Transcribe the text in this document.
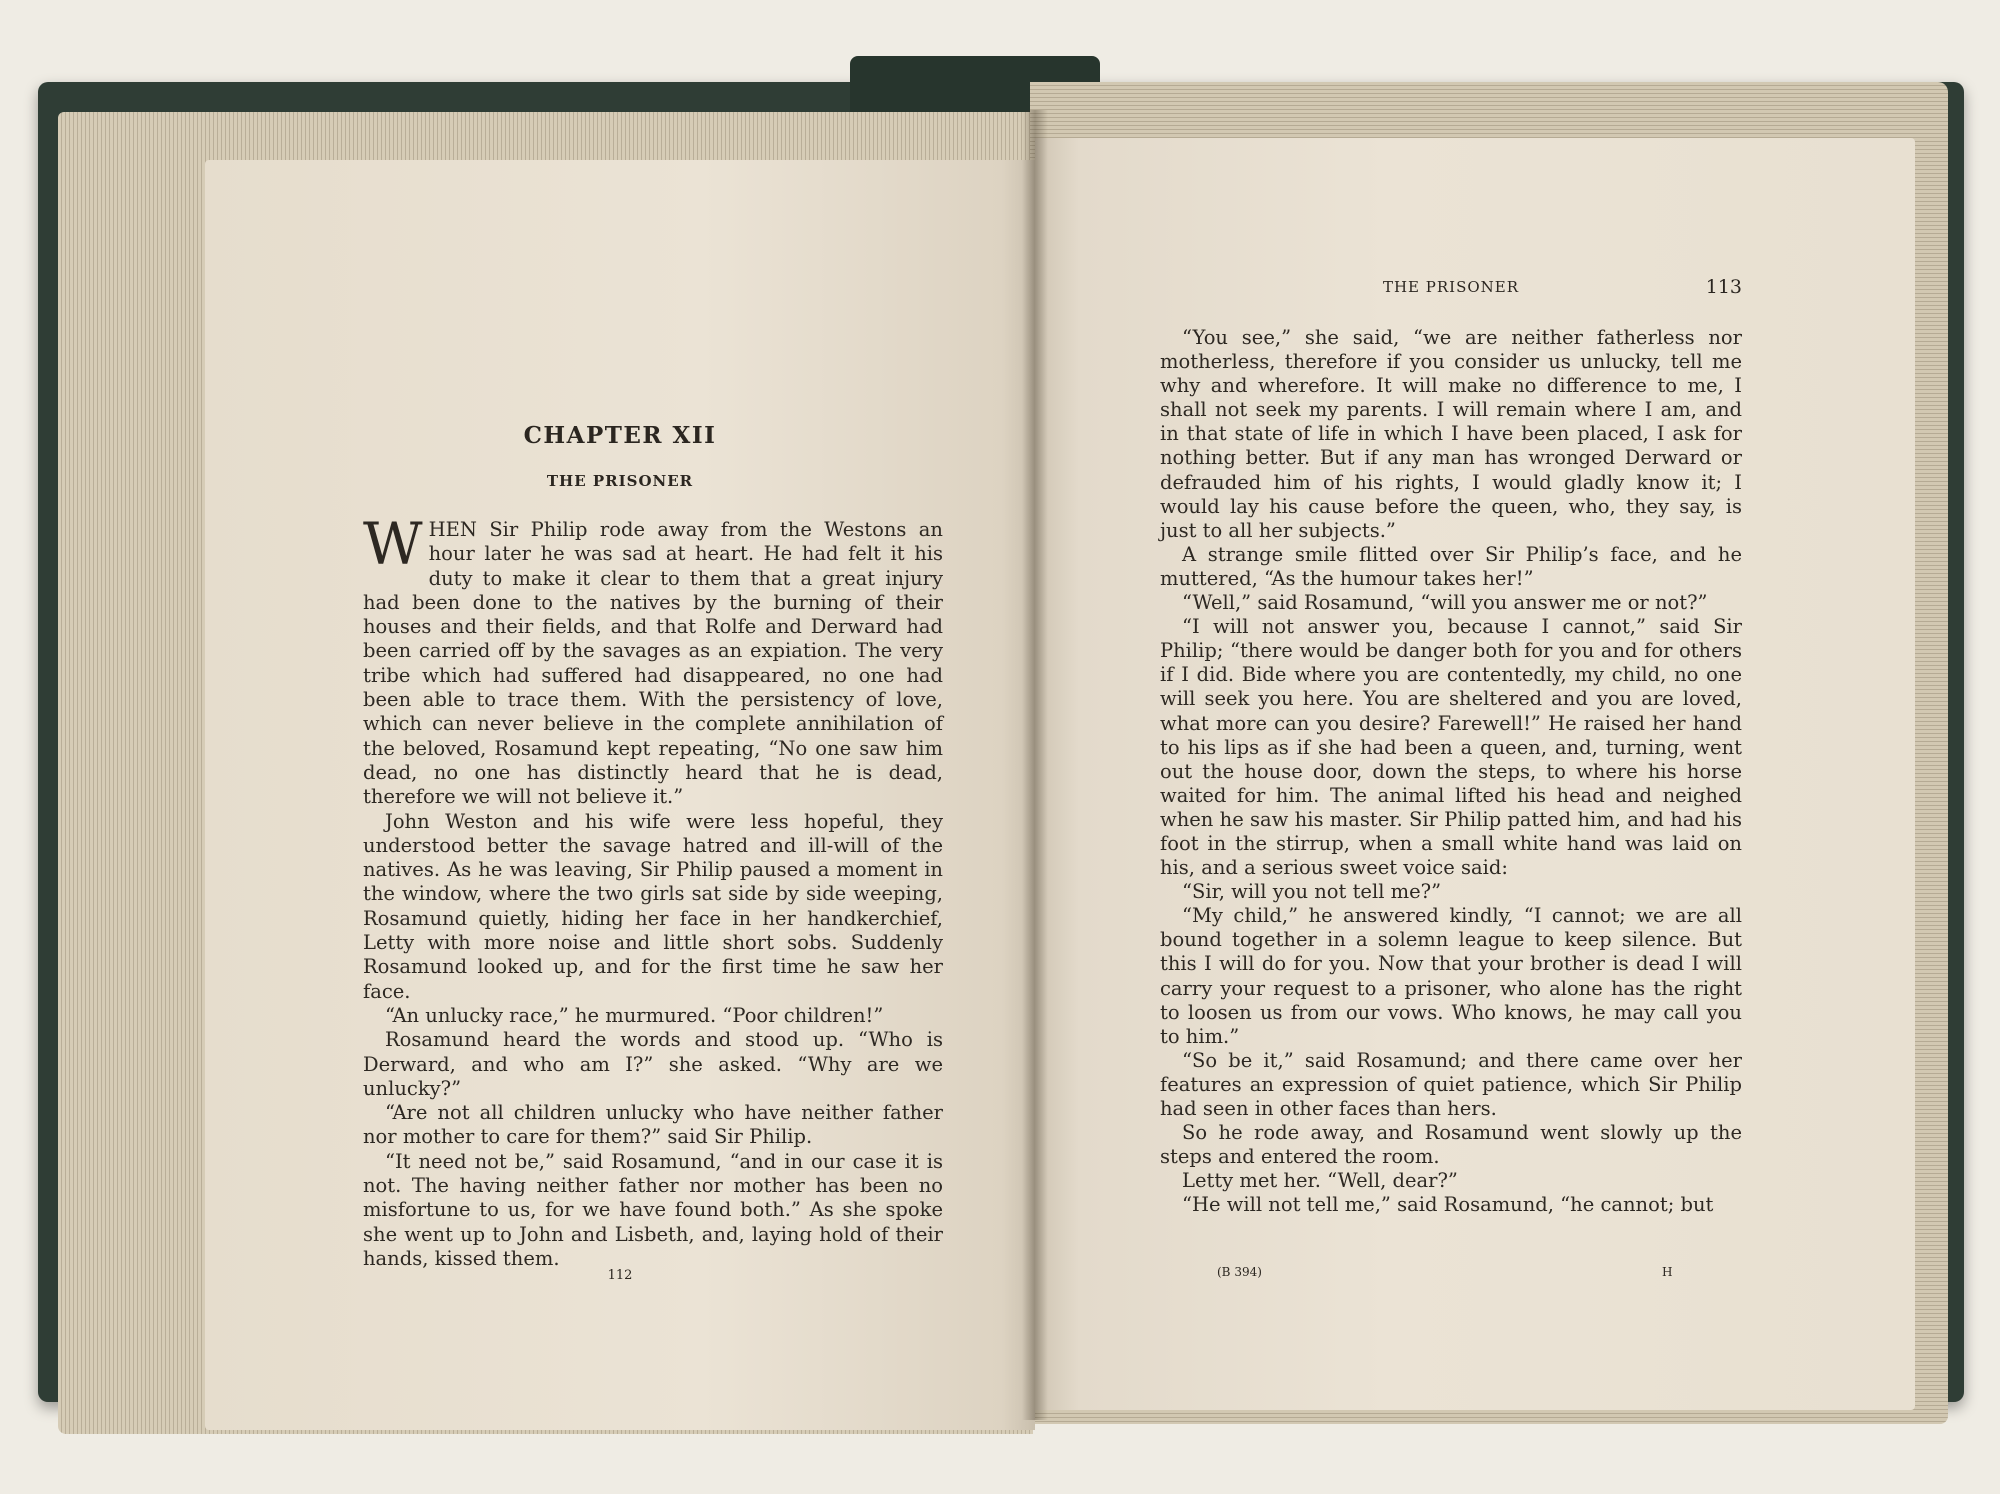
CHAPTER XII
THE PRISONER

WHEN Sir Philip rode away from the Westons an hour later he was sad at heart. He had felt it his duty to make it clear to them that a great injury had been done to the natives by the burning of their houses and their fields, and that Rolfe and Derward had been carried off by the savages as an expiation. The very tribe which had suffered had disappeared, no one had been able to trace them. With the persistency of love, which can never believe in the complete annihilation of the beloved, Rosamund kept repeating, “No one saw him dead, no one has distinctly heard that he is dead, therefore we will not believe it.”

John Weston and his wife were less hopeful, they understood better the savage hatred and ill-will of the natives. As he was leaving, Sir Philip paused a moment in the window, where the two girls sat side by side weeping, Rosamund quietly, hiding her face in her handkerchief, Letty with more noise and little short sobs. Suddenly Rosamund looked up, and for the first time he saw her face.

“An unlucky race,” he murmured. “Poor children!”

Rosamund heard the words and stood up. “Who is Derward, and who am I?” she asked. “Why are we unlucky?”

“Are not all children unlucky who have neither father nor mother to care for them?” said Sir Philip.

“It need not be,” said Rosamund, “and in our case it is not. The having neither father nor mother has been no misfortune to us, for we have found both.” As she spoke she went up to John and Lisbeth, and, laying hold of their hands, kissed them.

112
THE PRISONER	113

“You see,” she said, “we are neither fatherless nor motherless, therefore if you consider us unlucky, tell me why and wherefore. It will make no difference to me, I shall not seek my parents. I will remain where I am, and in that state of life in which I have been placed, I ask for nothing better. But if any man has wronged Derward or defrauded him of his rights, I would gladly know it; I would lay his cause before the queen, who, they say, is just to all her subjects.”

A strange smile flitted over Sir Philip’s face, and he muttered, “As the humour takes her!”

“Well,” said Rosamund, “will you answer me or not?”

“I will not answer you, because I cannot,” said Sir Philip; “there would be danger both for you and for others if I did. Bide where you are contentedly, my child, no one will seek you here. You are sheltered and you are loved, what more can you desire? Farewell!” He raised her hand to his lips as if she had been a queen, and, turning, went out the house door, down the steps, to where his horse waited for him. The animal lifted his head and neighed when he saw his master. Sir Philip patted him, and had his foot in the stirrup, when a small white hand was laid on his, and a serious sweet voice said:

“Sir, will you not tell me?”

“My child,” he answered kindly, “I cannot; we are all bound together in a solemn league to keep silence. But this I will do for you. Now that your brother is dead I will carry your request to a prisoner, who alone has the right to loosen us from our vows. Who knows, he may call you to him.”

“So be it,” said Rosamund; and there came over her features an expression of quiet patience, which Sir Philip had seen in other faces than hers.

So he rode away, and Rosamund went slowly up the steps and entered the room.

Letty met her. “Well, dear?”

“He will not tell me,” said Rosamund, “he cannot; but

(B 394)	H
